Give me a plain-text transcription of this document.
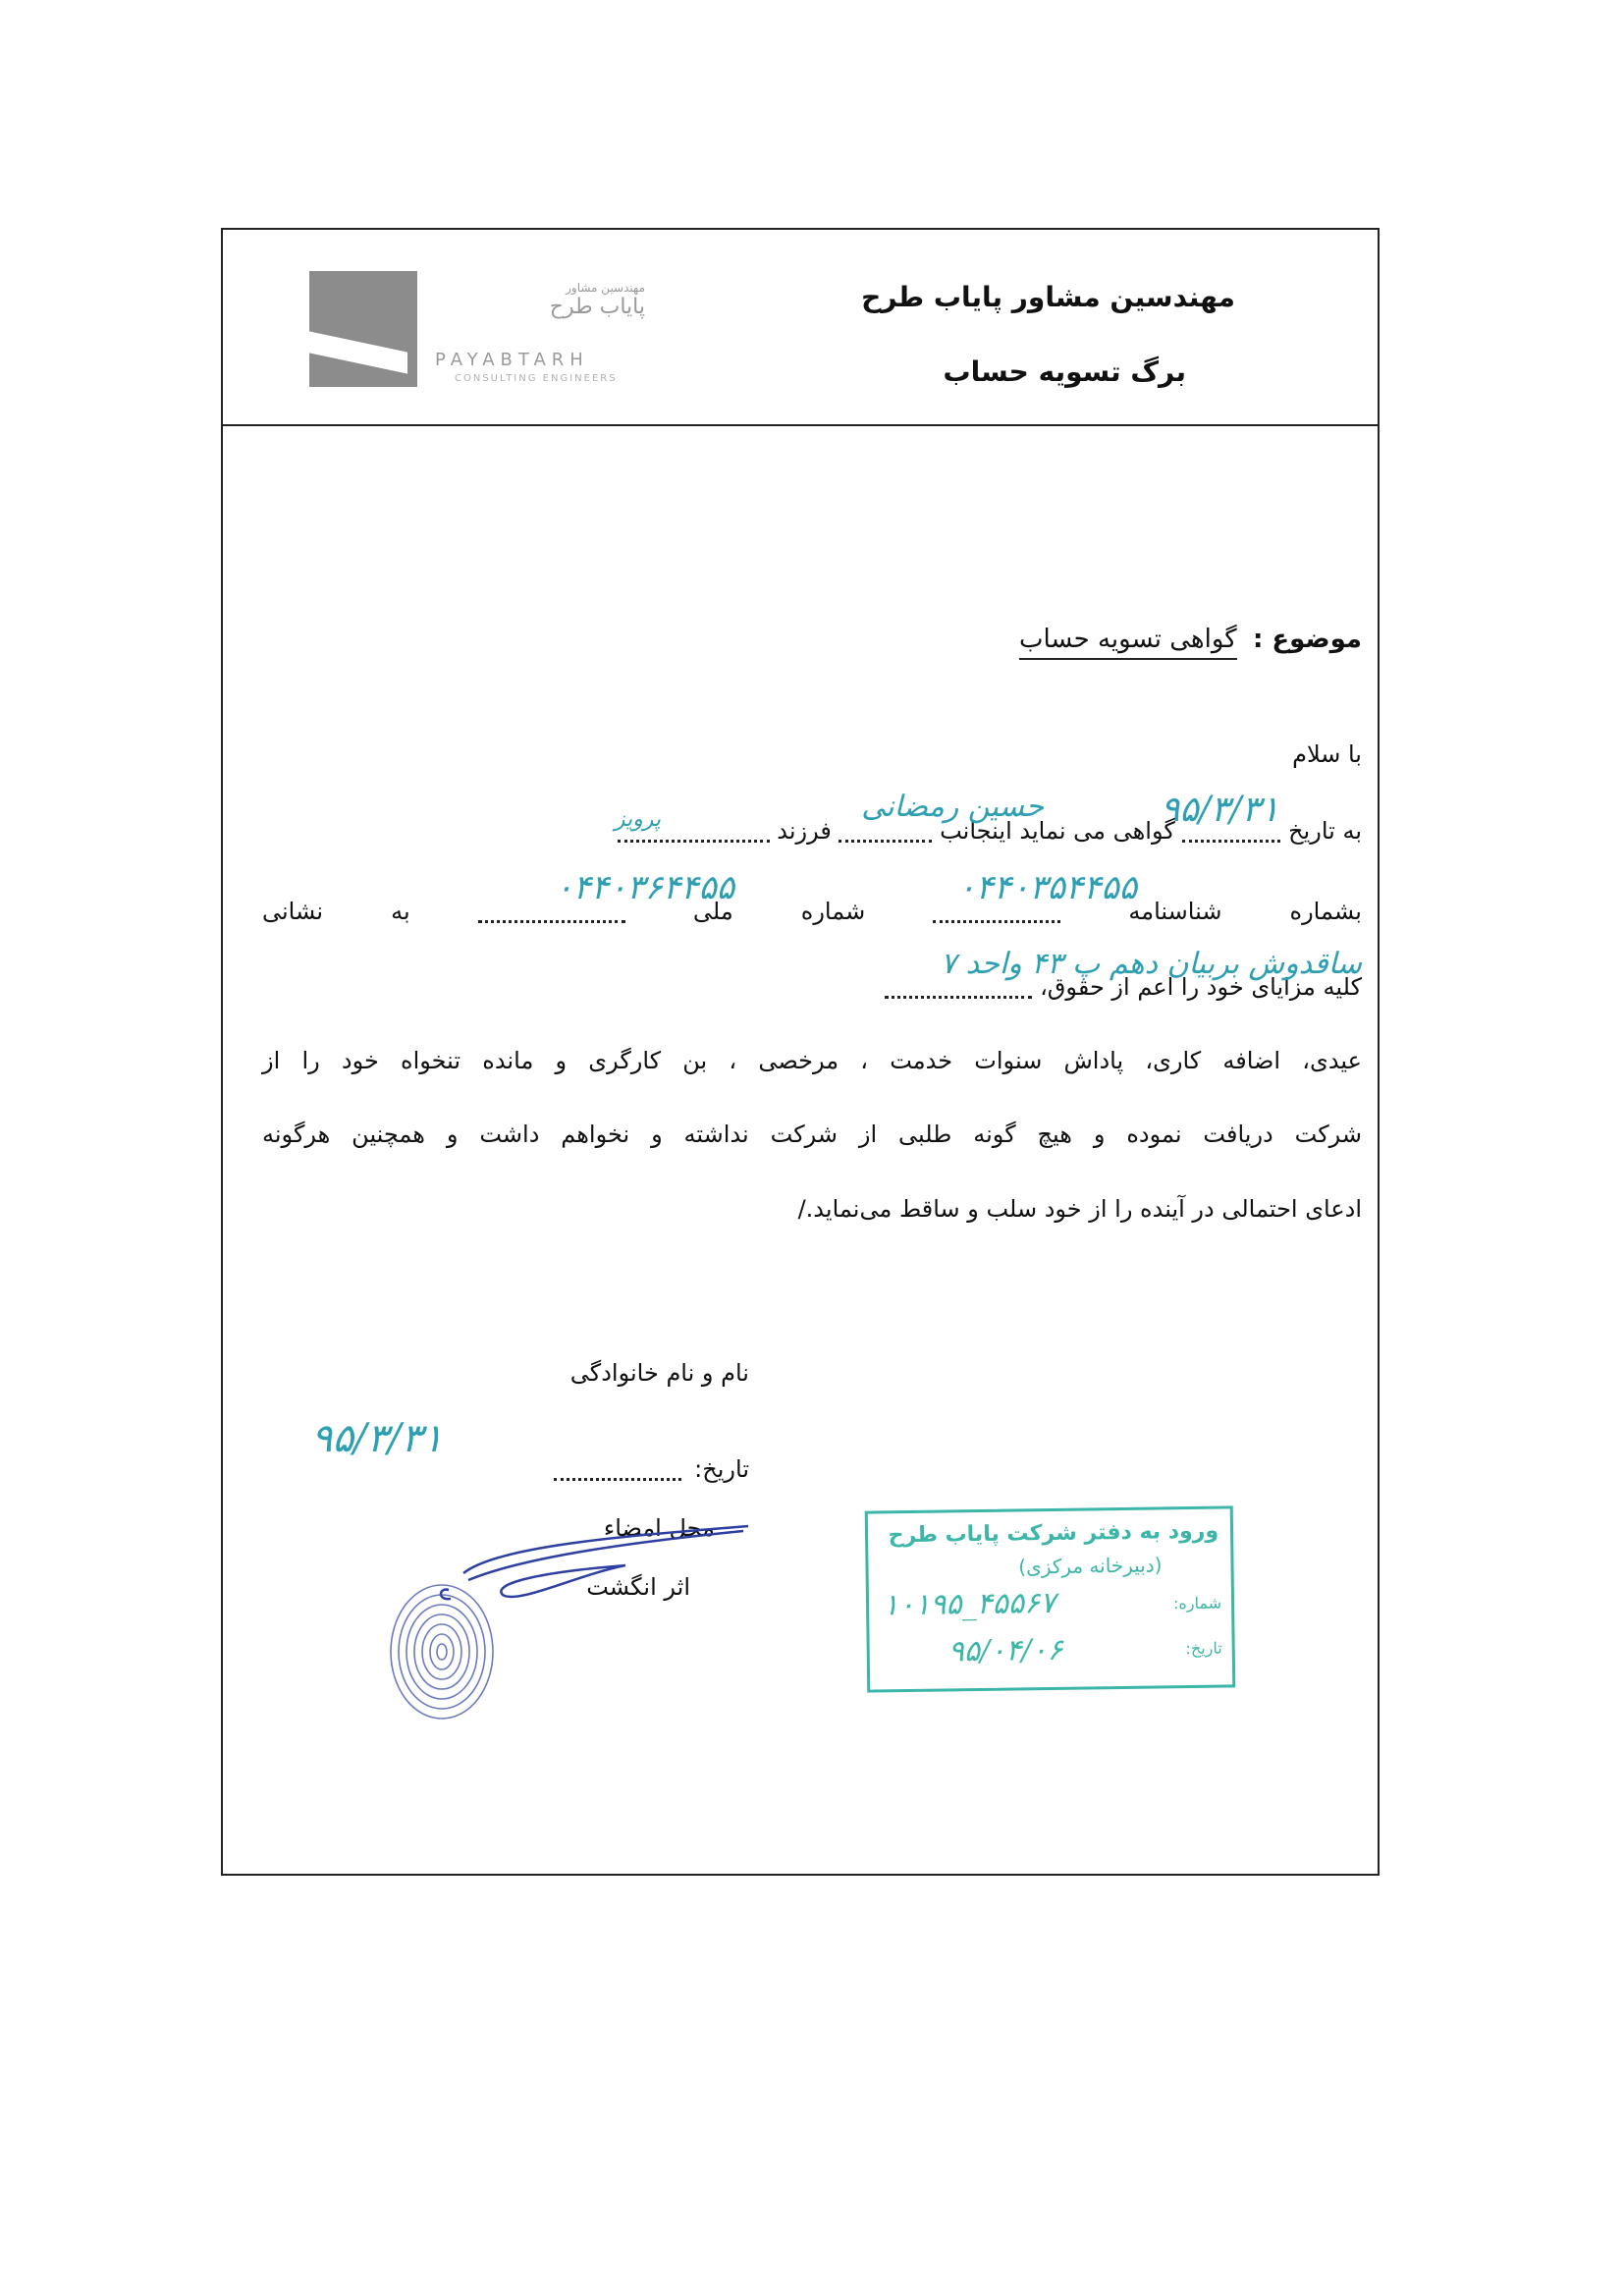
مهندسین مشاور پایاب طرح
برگ تسویه حساب
مهندسین مشاور
پایاب طرح
PAYABTARH
CONSULTING ENGINEERS
موضوع : گواهی تسویه حساب
با سلام
به تاریخ  گواهی می نماید اینجانب  فرزند
۹۵/۳/۳۱
حسین رمضانی
پرویز
بشماره شناسنامه  شماره ملی  به نشانی
۰۴۴۰۳۵۴۴۵۵
۰۴۴۰۳۶۴۴۵۵
کلیه مزایای خود را اعم از حقوق،
ساقدوش بربیان دهم پ ۴۳ واحد ۷
عیدی، اضافه کاری، پاداش سنوات خدمت ، مرخصی ، بن کارگری و مانده تنخواه خود را از
شرکت دریافت نموده و هیچ گونه طلبی از شرکت نداشته و نخواهم داشت و همچنین هرگونه
ادعای احتمالی در آینده را از خود سلب و ساقط می‌نماید./
نام و نام خانوادگی
تاریخ:
۹۵/۳/۳۱
محل امضاء
اثر انگشت
ورود به دفتر شرکت پایاب طرح
(دبیرخانه مرکزی)
شماره:
۱۰۱۹۵_۴۵۵۶۷
تاریخ:
۹۵/۰۴/۰۶
